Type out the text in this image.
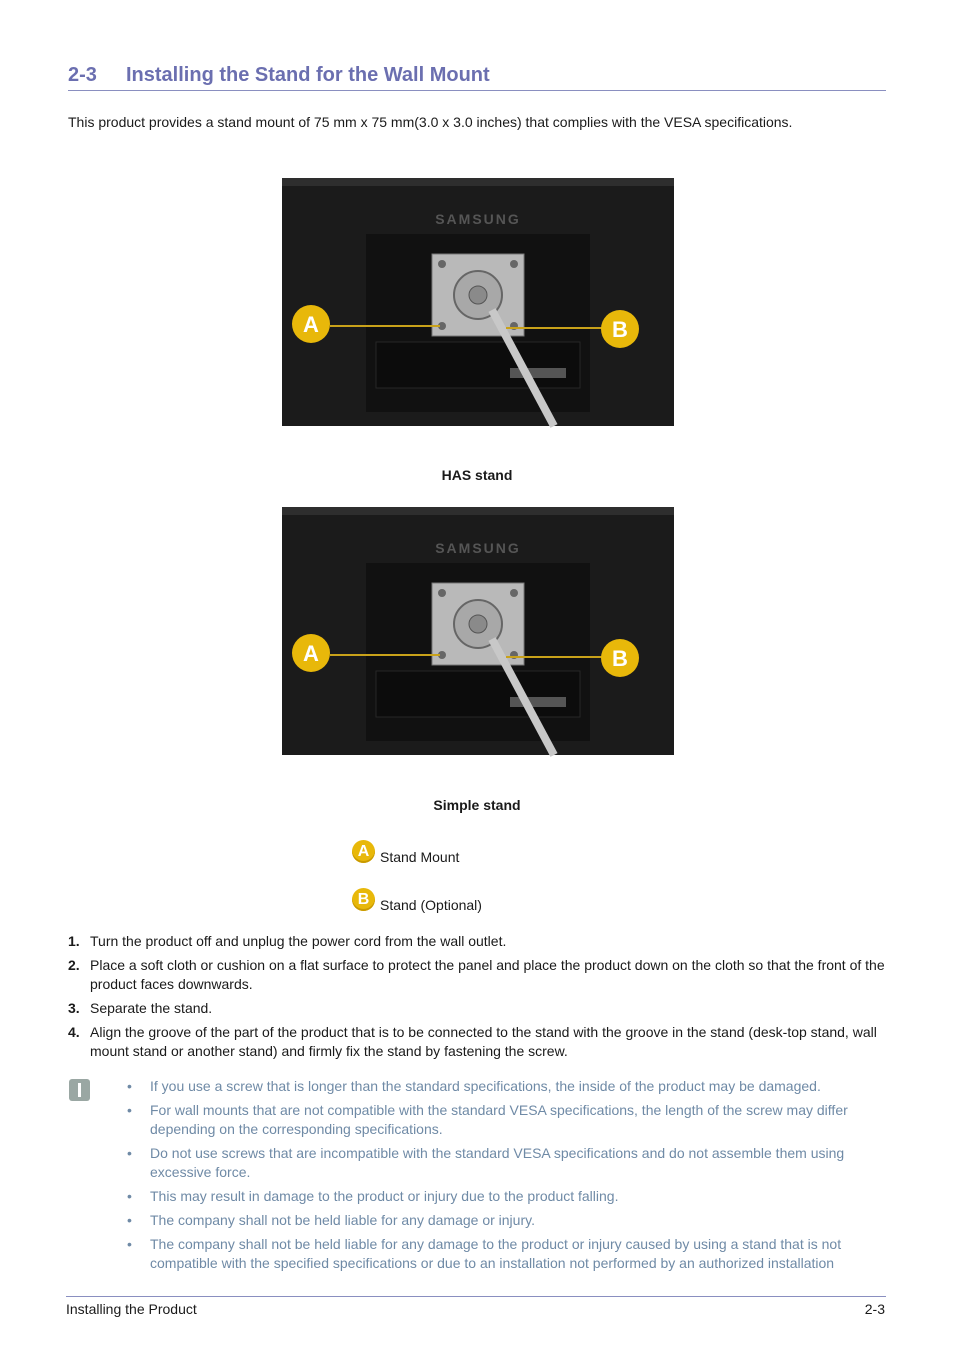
2-3 Installing the Stand for the Wall Mount
This product provides a stand mount of 75 mm x 75 mm(3.0 x 3.0 inches) that complies with the VESA specifications.
SAMSUNG
A	B
HAS stand
SAMSUNG
A	B
Simple stand
A Stand Mount
B Stand (Optional)
1. Turn the product off and unplug the power cord from the wall outlet.
2. Place a soft cloth or cushion on a flat surface to protect the panel and place the product down on the cloth so that the front of the product faces downwards.
3. Separate the stand.
4. Align the groove of the part of the product that is to be connected to the stand with the groove in the stand (desk-top stand, wall mount stand or another stand) and firmly fix the stand by fastening the screw.
•	If you use a screw that is longer than the standard specifications, the inside of the product may be damaged.
•	For wall mounts that are not compatible with the standard VESA specifications, the length of the screw may differ depending on the corresponding specifications.
•	Do not use screws that are incompatible with the standard VESA specifications and do not assemble them using excessive force.
•	This may result in damage to the product or injury due to the product falling.
•	The company shall not be held liable for any damage or injury.
•	The company shall not be held liable for any damage to the product or injury caused by using a stand that is not compatible with the specified specifications or due to an installation not performed by an authorized installation
Installing the Product	2-3
